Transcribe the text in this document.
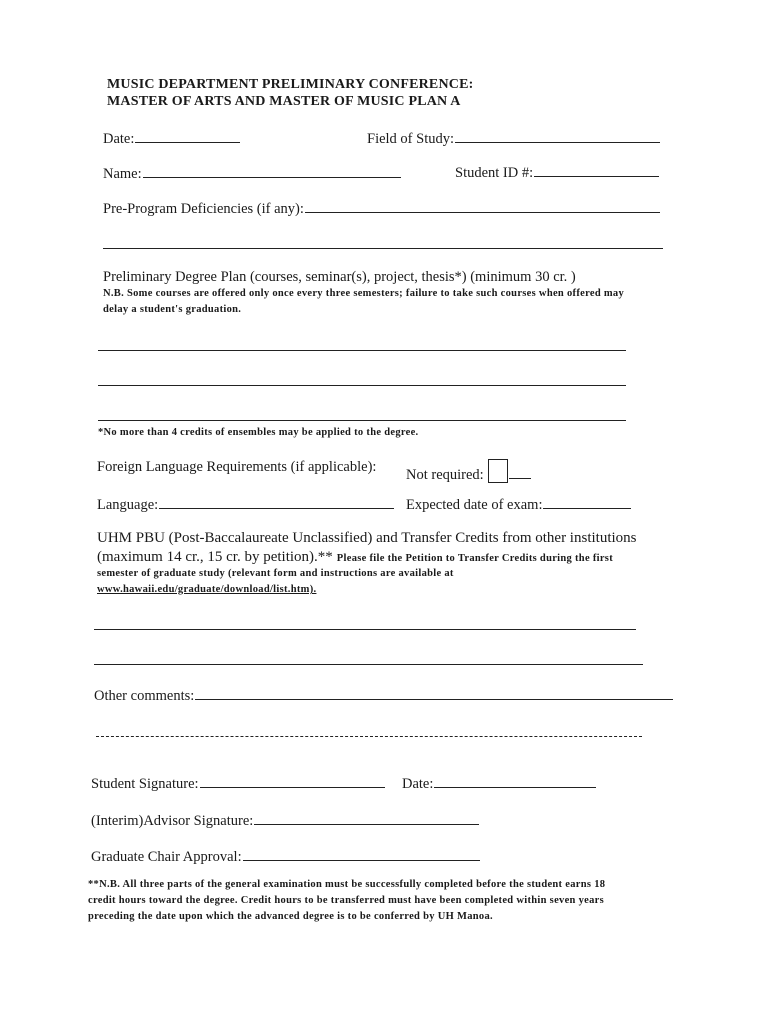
MUSIC DEPARTMENT PRELIMINARY CONFERENCE:
MASTER OF ARTS AND MASTER OF MUSIC PLAN A
Date:	Field of Study:
Name:	Student ID #:
Pre-Program Deficiencies (if any):
Preliminary Degree Plan (courses, seminar(s), project, thesis*) (minimum 30 cr. )
N.B. Some courses are offered only once every three semesters; failure to take such courses when offered may
delay a student's graduation.
*No more than 4 credits of ensembles may be applied to the degree.
Foreign Language Requirements (if applicable): Not required:
Language:	Expected date of exam:
UHM PBU (Post-Baccalaureate Unclassified) and Transfer Credits from other institutions
(maximum 14 cr., 15 cr. by petition).** Please file the Petition to Transfer Credits during the first
semester of graduate study (relevant form and instructions are available at
www.hawaii.edu/graduate/download/list.htm).
Other comments:
Student Signature:	Date:
(Interim)Advisor Signature:
Graduate Chair Approval:
**N.B. All three parts of the general examination must be successfully completed before the student earns 18
credit hours toward the degree. Credit hours to be transferred must have been completed within seven years
preceding the date upon which the advanced degree is to be conferred by UH Manoa.
